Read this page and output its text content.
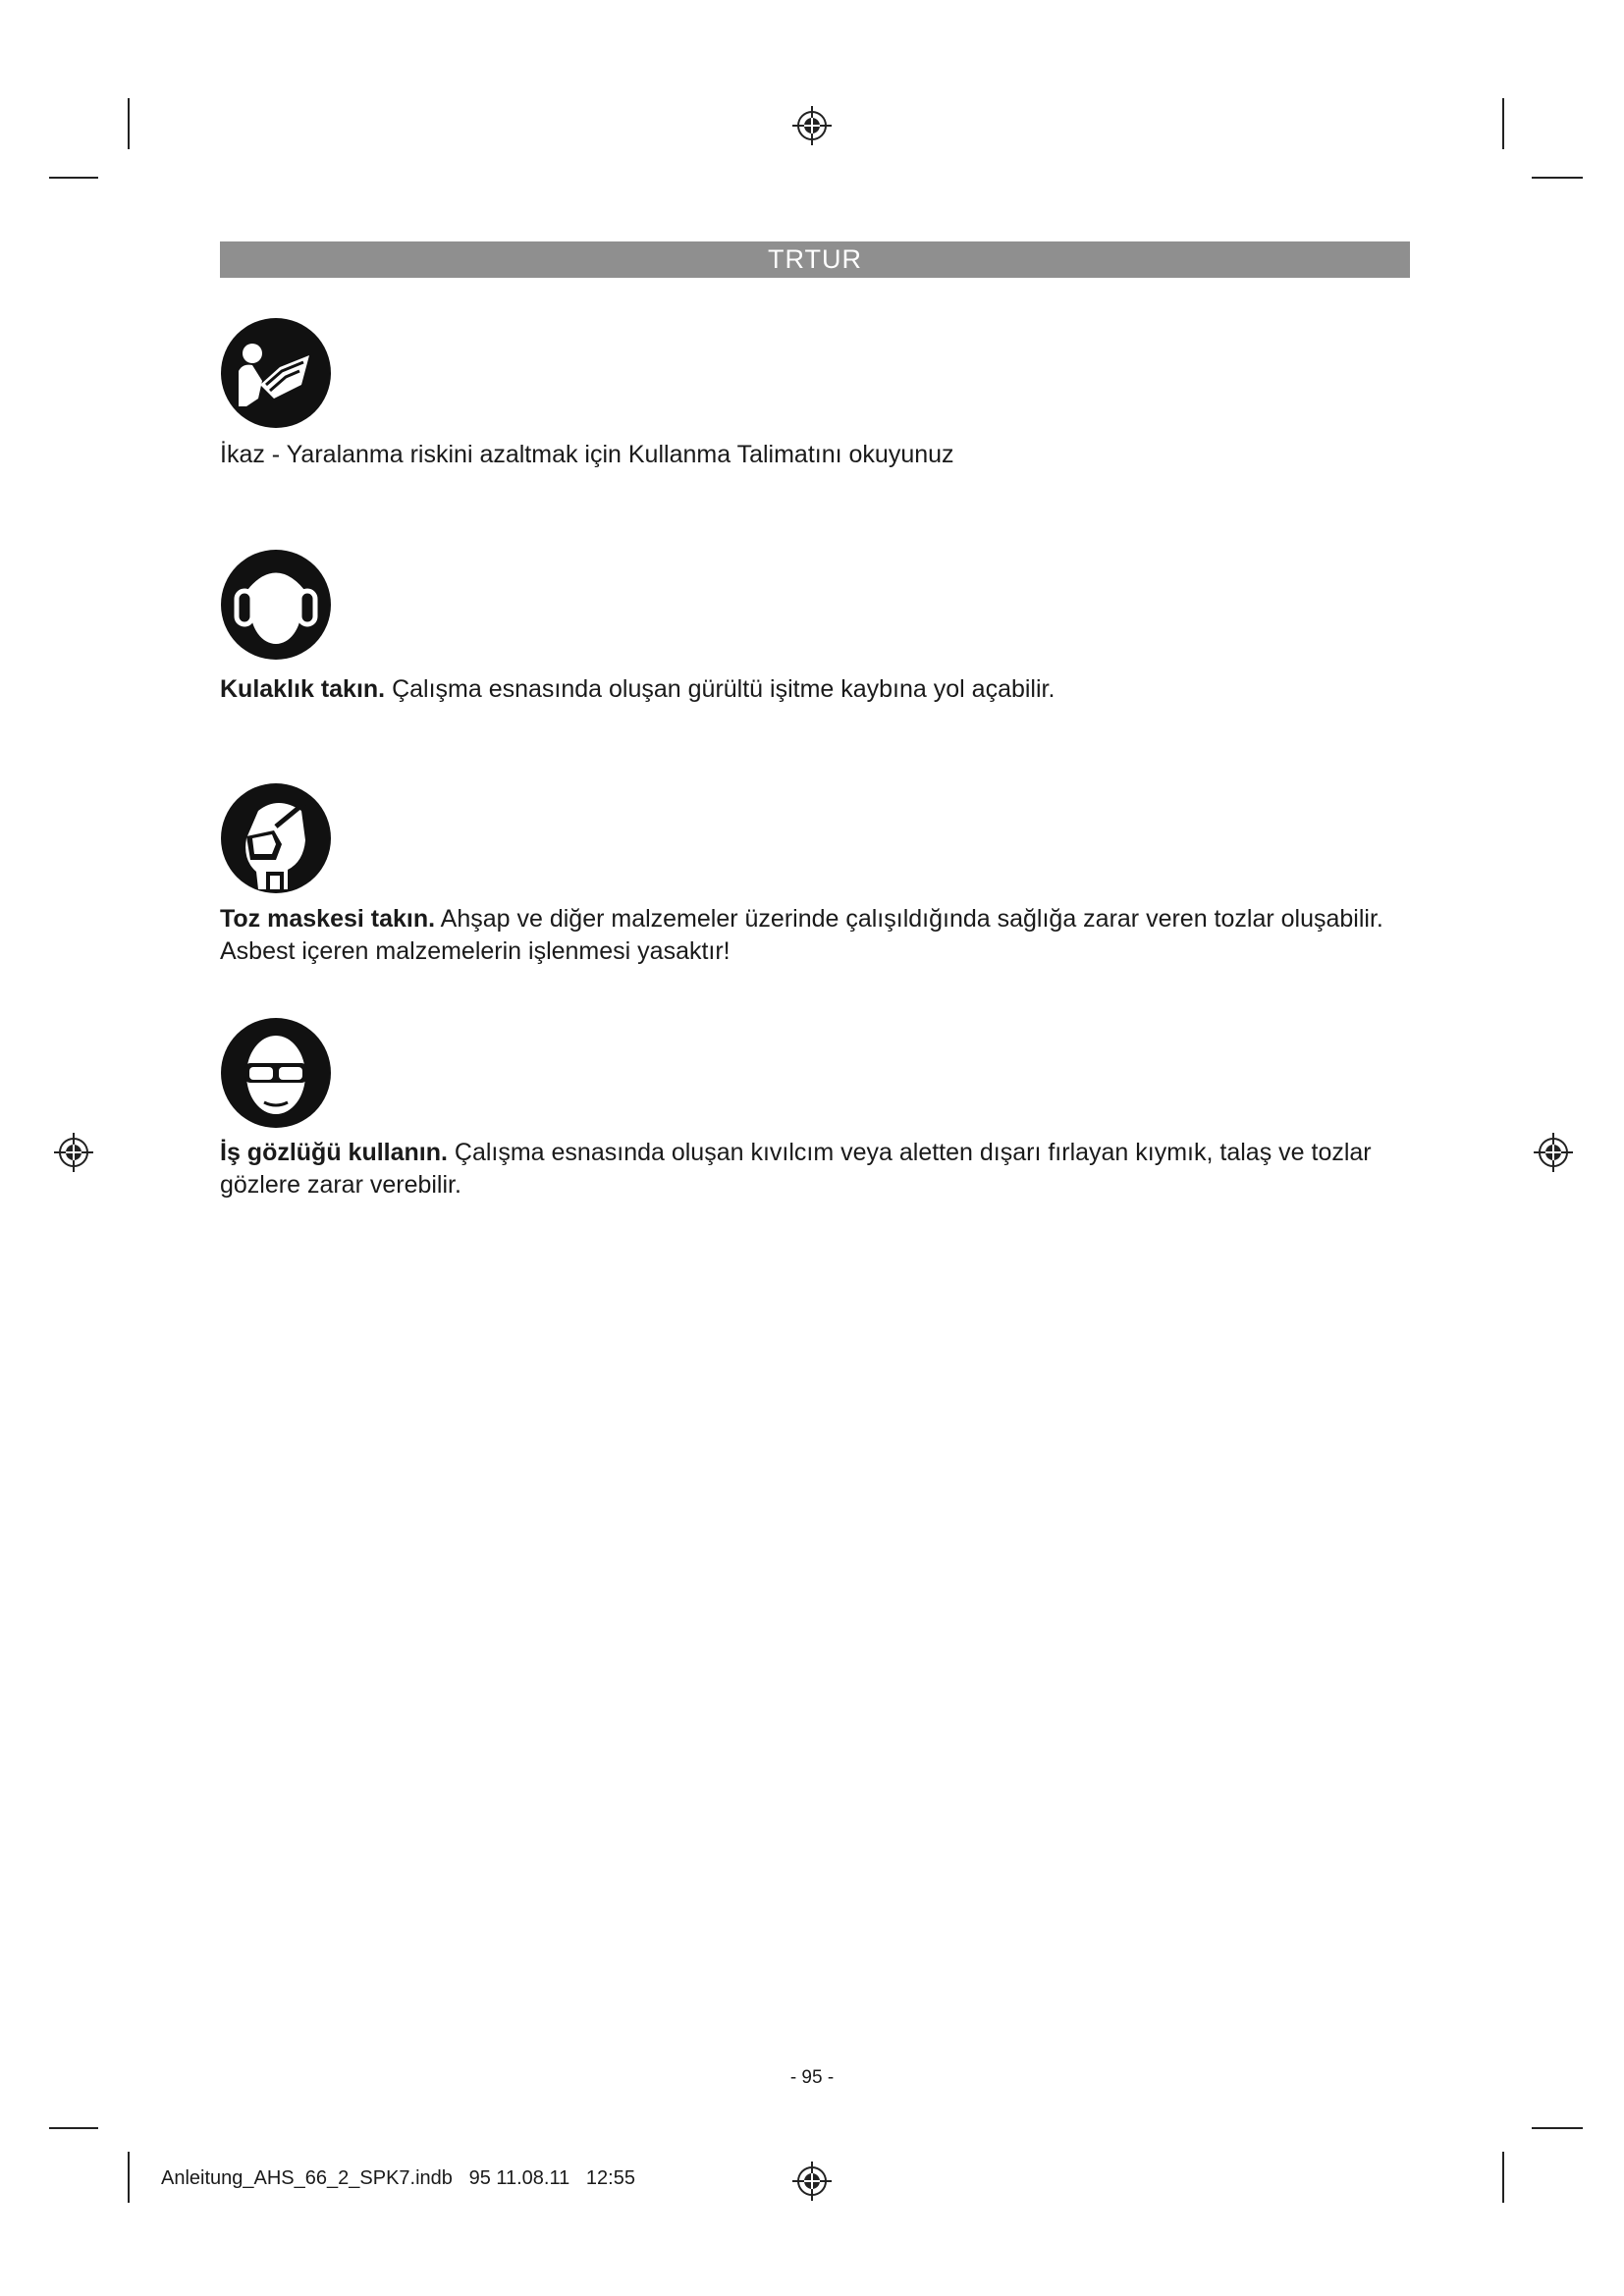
TRTUR
İkaz - Yaralanma riskini azaltmak için Kullanma Talimatını okuyunuz
Kulaklık takın. Çalışma esnasında oluşan gürültü işitme kaybına yol açabilir.
Toz maskesi takın. Ahşap ve diğer malzemeler üzerinde çalışıldığında sağlığa zarar veren tozlar oluşabilir. Asbest içeren malzemelerin işlenmesi yasaktır!
İş gözlüğü kullanın. Çalışma esnasında oluşan kıvılcım veya aletten dışarı fırlayan kıymık, talaş ve tozlar gözlere zarar verebilir.
- 95 -
Anleitung_AHS_66_2_SPK7.indb   95 11.08.11   12:55
